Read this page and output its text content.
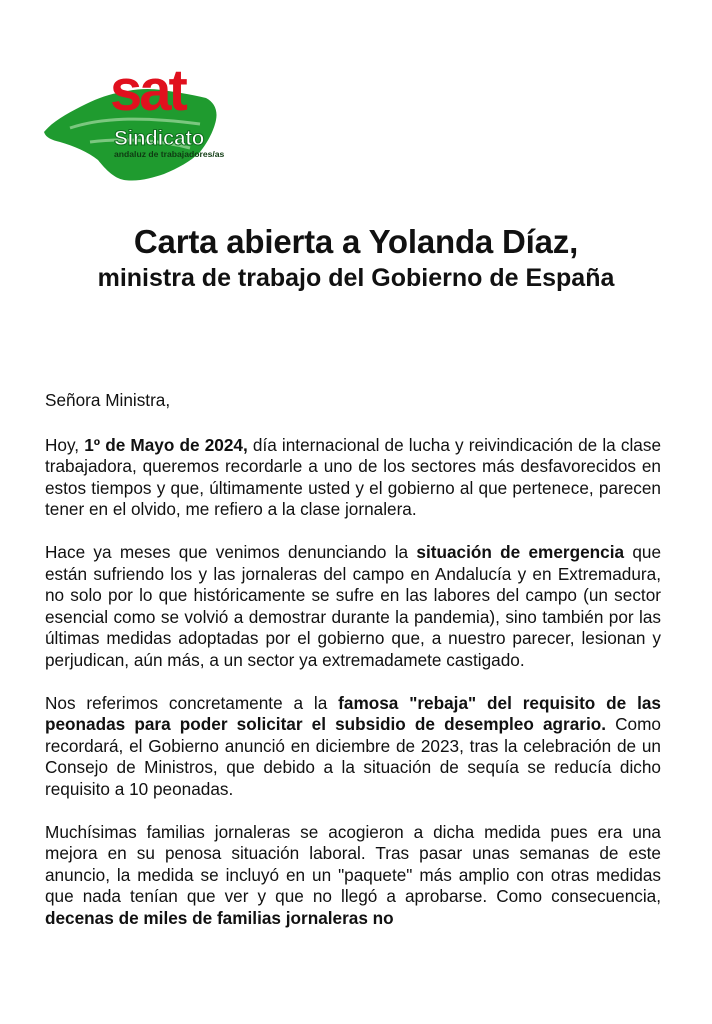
sat
Sindicato
andaluz de trabajadores/as
Carta abierta a Yolanda Díaz,
ministra de trabajo del Gobierno de España

Señora Ministra,

Hoy, 1º de Mayo de 2024, día internacional de lucha y reivindicación de la clase trabajadora, queremos recordarle a uno de los sectores más desfavorecidos en estos tiempos y que, últimamente usted y el gobierno al que pertenece, parecen tener en el olvido, me refiero a la clase jornalera.

Hace ya meses que venimos denunciando la situación de emergencia que están sufriendo los y las jornaleras del campo en Andalucía y en Extremadura, no solo por lo que históricamente se sufre en las labores del campo (un sector esencial como se volvió a demostrar durante la pandemia), sino también por las últimas medidas adoptadas por el gobierno que, a nuestro parecer, lesionan y perjudican, aún más, a un sector ya extremadamete castigado.

Nos referimos concretamente a la famosa "rebaja" del requisito de las peonadas para poder solicitar el subsidio de desempleo agrario. Como recordará, el Gobierno anunció en diciembre de 2023, tras la celebración de un Consejo de Ministros, que debido a la situación de sequía se reducía dicho requisito a 10 peonadas.

Muchísimas familias jornaleras se acogieron a dicha medida pues era una mejora en su penosa situación laboral. Tras pasar unas semanas de este anuncio, la medida se incluyó en un "paquete" más amplio con otras medidas que nada tenían que ver y que no llegó a aprobarse. Como consecuencia, decenas de miles de familias jornaleras no
